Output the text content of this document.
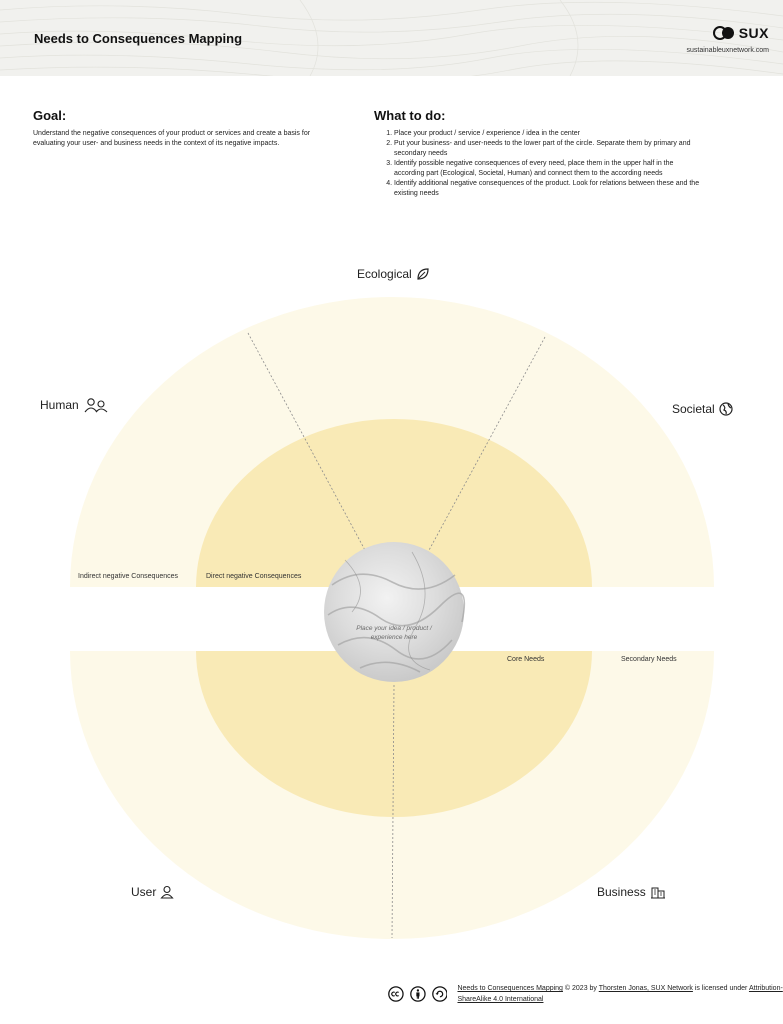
Needs to Consequences Mapping	SUX
sustainableuxnetwork.com
Goal:
Understand the negative consequences of your product or services and create a basis for evaluating your user- and business needs in the context of its negative impacts.
What to do:
1. Place your product / service / experience / idea in the center
2. Put your business- and user-needs to the lower part of the circle. Separate them by primary and secondary needs
3. Identify possible negative consequences of every need, place them in the upper half in the according part (Ecological, Societal, Human) and connect them to the according needs
4. Identify additional negative consequences of the product. Look for relations between these and the existing needs
Ecological
Human	Societal
User	Business
Indirect negative Consequences	Direct negative Consequences
Core Needs	Secondary Needs
Place your idea / product / experience here
Needs to Consequences Mapping © 2023 by Thorsten Jonas, SUX Network is licensed under Attribution-ShareAlike 4.0 International
